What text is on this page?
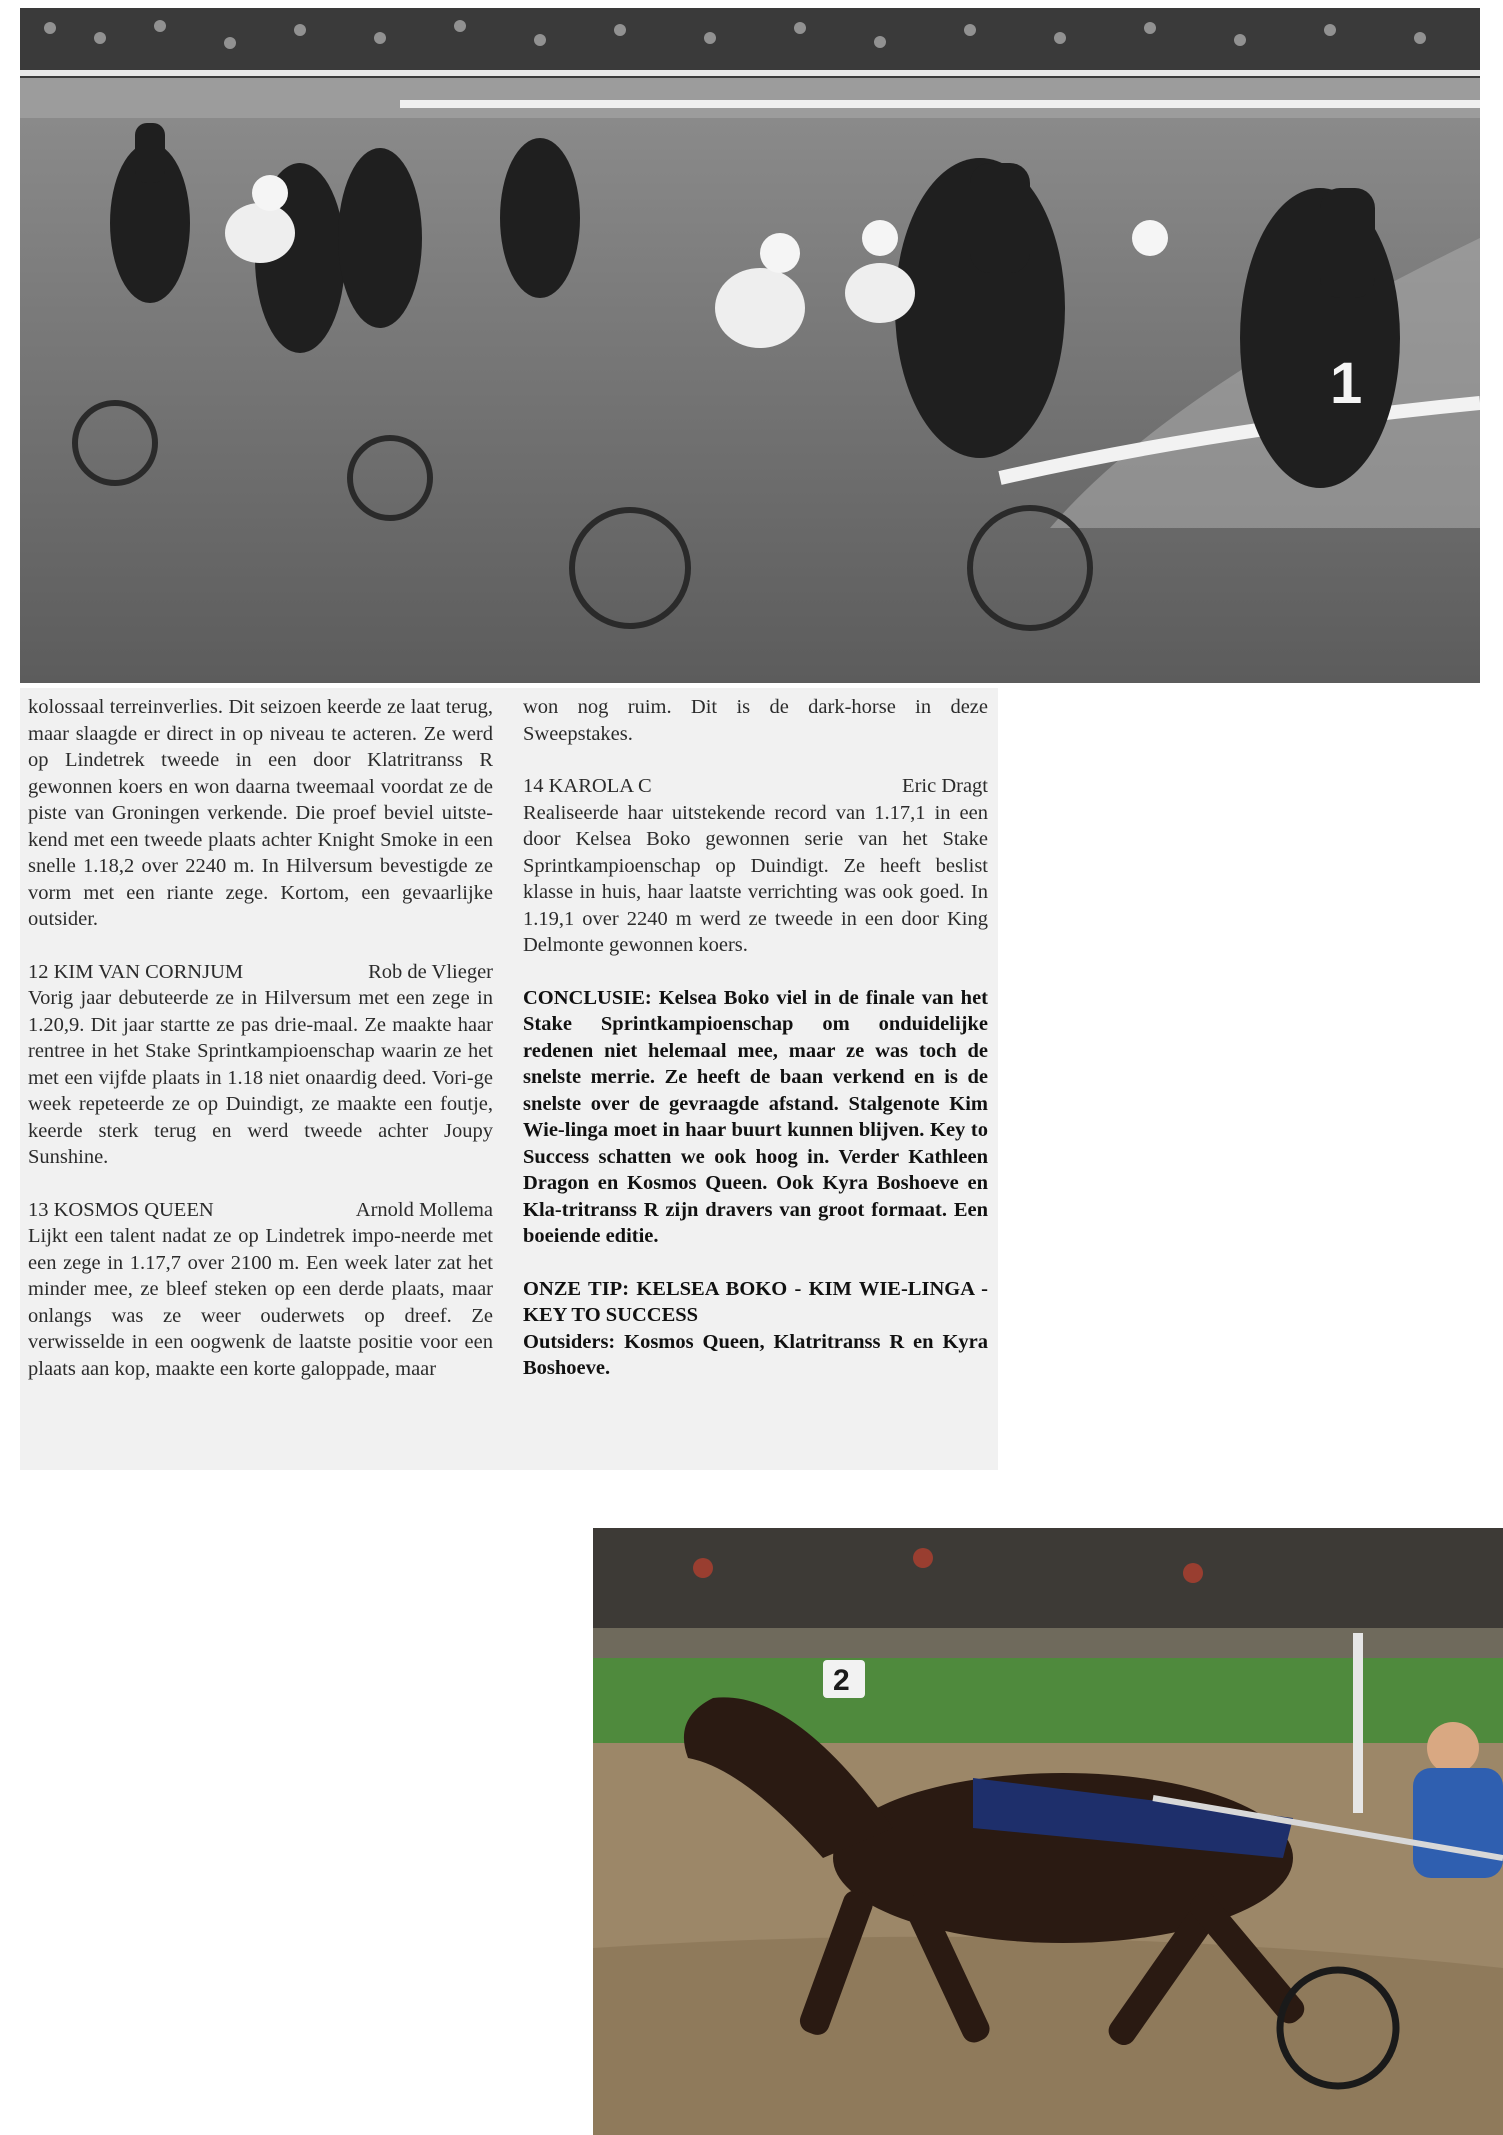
1

kolossaal terreinverlies. Dit seizoen keerde ze laat terug, maar slaagde er direct in op niveau te acteren. Ze werd op Lindetrek tweede in een door Klatritranss R gewonnen koers en won daarna tweemaal voordat ze de piste van Groningen verkende. Die proef beviel uitste-kend met een tweede plaats achter Knight Smoke in een snelle 1.18,2 over 2240 m. In Hilversum bevestigde ze vorm met een riante zege. Kortom, een gevaarlijke outsider.

12 KIM VAN CORNJUM	Rob de Vlieger

Vorig jaar debuteerde ze in Hilversum met een zege in 1.20,9. Dit jaar startte ze pas drie-maal. Ze maakte haar rentree in het Stake Sprintkampioenschap waarin ze het met een vijfde plaats in 1.18 niet onaardig deed. Vori-ge week repeteerde ze op Duindigt, ze maakte een foutje, keerde sterk terug en werd tweede achter Joupy Sunshine.

13 KOSMOS QUEEN	Arnold Mollema

Lijkt een talent nadat ze op Lindetrek impo-neerde met een zege in 1.17,7 over 2100 m. Een week later zat het minder mee, ze bleef steken op een derde plaats, maar onlangs was ze weer ouderwets op dreef. Ze verwisselde in een oogwenk de laatste positie voor een plaats aan kop, maakte een korte galoppade, maar

won nog ruim. Dit is de dark-horse in deze Sweepstakes.

14 KAROLA C	Eric Dragt

Realiseerde haar uitstekende record van 1.17,1 in een door Kelsea Boko gewonnen serie van het Stake Sprintkampioenschap op Duindigt. Ze heeft beslist klasse in huis, haar laatste verrichting was ook goed. In 1.19,1 over 2240 m werd ze tweede in een door King Delmonte gewonnen koers.

CONCLUSIE: Kelsea Boko viel in de finale van het Stake Sprintkampioenschap om onduidelijke redenen niet helemaal mee, maar ze was toch de snelste merrie. Ze heeft de baan verkend en is de snelste over de gevraagde afstand. Stalgenote Kim Wie-linga moet in haar buurt kunnen blijven. Key to Success schatten we ook hoog in. Verder Kathleen Dragon en Kosmos Queen. Ook Kyra Boshoeve en Kla-tritranss R zijn dravers van groot formaat. Een boeiende editie.

ONZE TIP: KELSEA BOKO - KIM WIE-LINGA - KEY TO SUCCESS

Outsiders: Kosmos Queen, Klatritranss R en Kyra Boshoeve.

2
